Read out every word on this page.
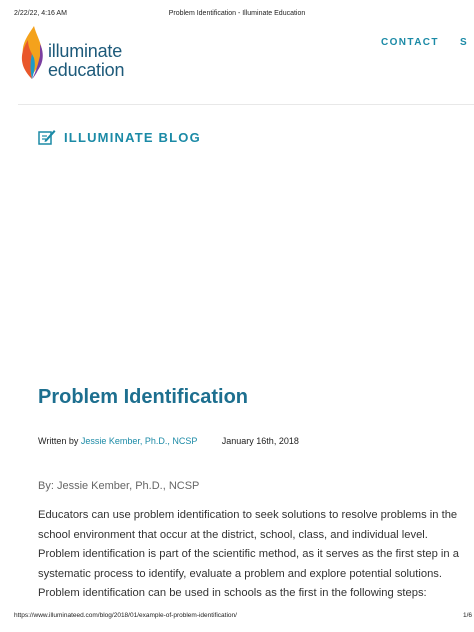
2/22/22, 4:16 AM	Problem Identification - Illuminate Education
illuminate
education
CONTACT S
ILLUMINATE BLOG
Problem Identification
Written by Jessie Kember, Ph.D., NCSP	January 16th, 2018

By: Jessie Kember, Ph.D., NCSP

Educators can use problem identification to seek solutions to resolve problems in the
school environment that occur at the district, school, class, and individual level.
Problem identification is part of the scientific method, as it serves as the first step in a
systematic process to identify, evaluate a problem and explore potential solutions.
Problem identification can be used in schools as the first in the following steps:

https://www.illuminateed.com/blog/2018/01/example-of-problem-identification/	1/6
